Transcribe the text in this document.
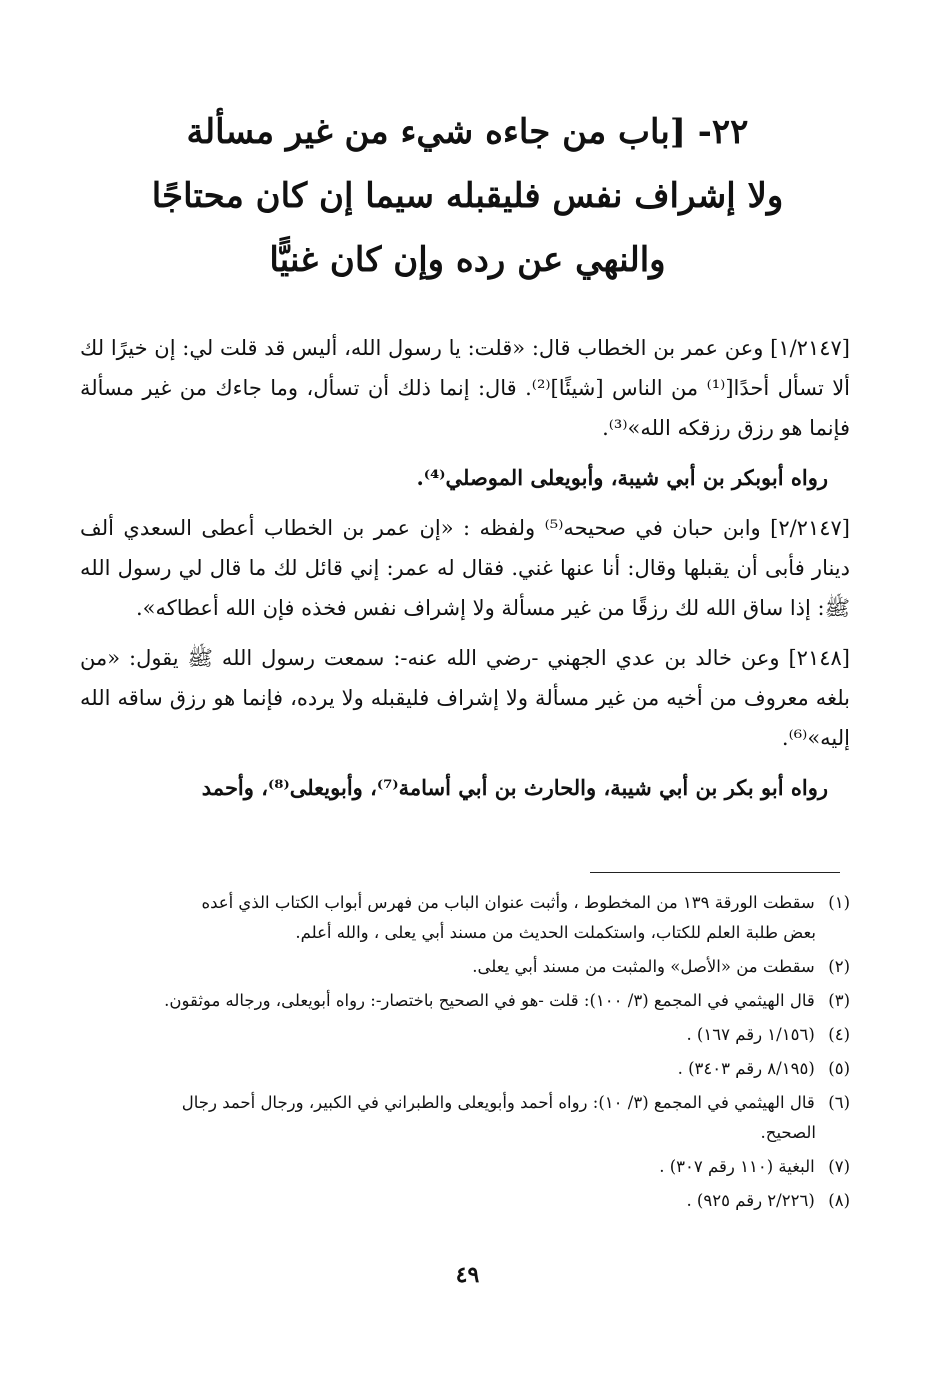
٢٢- [باب من جاءه شيء من غير مسألة
ولا إشراف نفس فليقبله سيما إن كان محتاجًا
والنهي عن رده وإن كان غنيًّا

[١/٢١٤٧] وعن عمر بن الخطاب قال: «قلت: يا رسول الله، أليس قد قلت لي: إن خيرًا لك ألا تسأل أحدًا[⁽¹⁾ من الناس [شيئًا]⁽²⁾. قال: إنما ذلك أن تسأل، وما جاءك من غير مسألة فإنما هو رزق رزقكه الله»⁽³⁾.

رواه أبوبكر بن أبي شيبة، وأبويعلى الموصلي⁽⁴⁾.

[٢/٢١٤٧] وابن حبان في صحيحه⁽⁵⁾ ولفظه : «إن عمر بن الخطاب أعطى السعدي ألف دينار فأبى أن يقبلها وقال: أنا عنها غني. فقال له عمر: إني قائل لك ما قال لي رسول الله ﷺ: إذا ساق الله لك رزقًا من غير مسألة ولا إشراف نفس فخذه فإن الله أعطاكه».

[٢١٤٨] وعن خالد بن عدي الجهني -رضي الله عنه-: سمعت رسول الله ﷺ يقول: «من بلغه معروف من أخيه من غير مسألة ولا إشراف فليقبله ولا يرده، فإنما هو رزق ساقه الله إليه»⁽⁶⁾.

رواه أبو بكر بن أبي شيبة، والحارث بن أبي أسامة⁽⁷⁾، وأبويعلى⁽⁸⁾، وأحمد

(١) سقطت الورقة ١٣٩ من المخطوط ، وأثبت عنوان الباب من فهرس أبواب الكتاب الذي أعده
بعض طلبة العلم للكتاب، واستكملت الحديث من مسند أبي يعلى ، والله أعلم.
(٢) سقطت من «الأصل» والمثبت من مسند أبي يعلى.
(٣) قال الهيثمي في المجمع (٣/ ١٠٠): قلت -هو في الصحيح باختصار-: رواه أبويعلى، ورجاله موثقون.
(٤) (١/١٥٦ رقم ١٦٧) .
(٥) (٨/١٩٥ رقم ٣٤٠٣) .
(٦) قال الهيثمي في المجمع (٣/ ١٠): رواه أحمد وأبويعلى والطبراني في الكبير، ورجال أحمد رجال
الصحيح.
(٧) البغية (١١٠ رقم ٣٠٧) .
(٨) (٢/٢٢٦ رقم ٩٢٥) .
٤٩
